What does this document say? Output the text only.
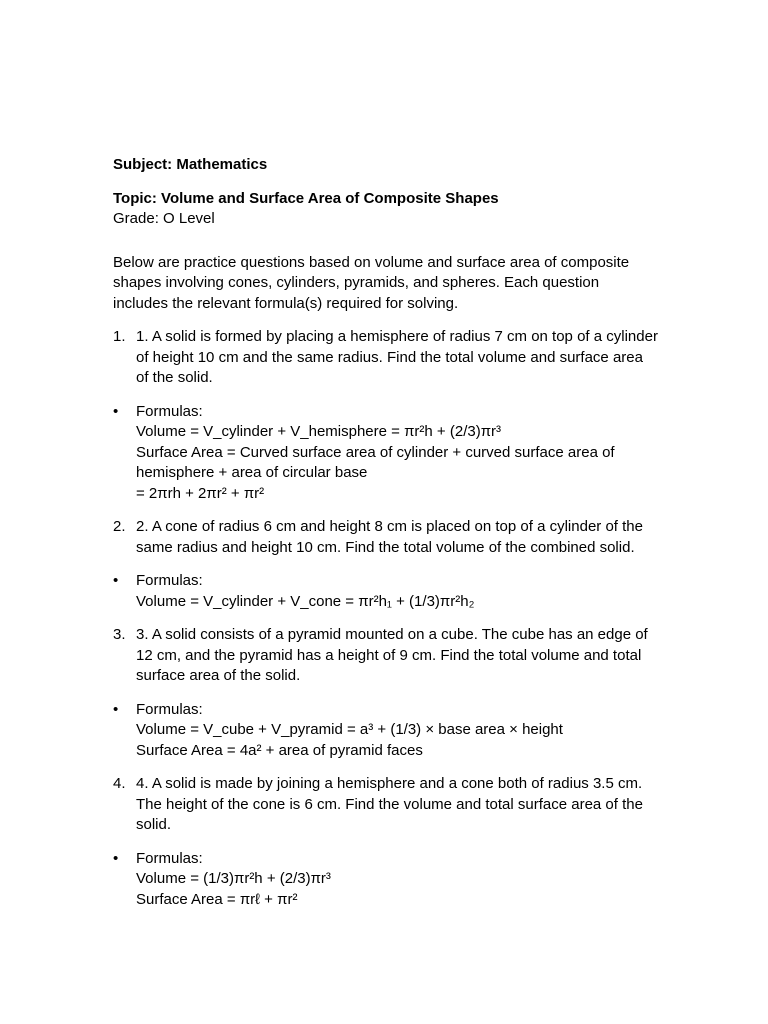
Subject: Mathematics

Topic: Volume and Surface Area of Composite Shapes

Grade: O Level

Below are practice questions based on volume and surface area of composite shapes involving cones, cylinders, pyramids, and spheres. Each question includes the relevant formula(s) required for solving.

1. 1. A solid is formed by placing a hemisphere of radius 7 cm on top of a cylinder of height 10 cm and the same radius. Find the total volume and surface area of the solid.
• Formulas:
Volume = V_cylinder + V_hemisphere = πr²h + (2/3)πr³
Surface Area = Curved surface area of cylinder + curved surface area of hemisphere + area of circular base
= 2πrh + 2πr² + πr²
2. 2. A cone of radius 6 cm and height 8 cm is placed on top of a cylinder of the same radius and height 10 cm. Find the total volume of the combined solid.
• Formulas:
Volume = V_cylinder + V_cone = πr²h₁ + (1/3)πr²h₂
3. 3. A solid consists of a pyramid mounted on a cube. The cube has an edge of 12 cm, and the pyramid has a height of 9 cm. Find the total volume and total surface area of the solid.
• Formulas:
Volume = V_cube + V_pyramid = a³ + (1/3) × base area × height
Surface Area = 4a² + area of pyramid faces
4. 4. A solid is made by joining a hemisphere and a cone both of radius 3.5 cm. The height of the cone is 6 cm. Find the volume and total surface area of the solid.
• Formulas:
Volume = (1/3)πr²h + (2/3)πr³
Surface Area = πrℓ + πr²
